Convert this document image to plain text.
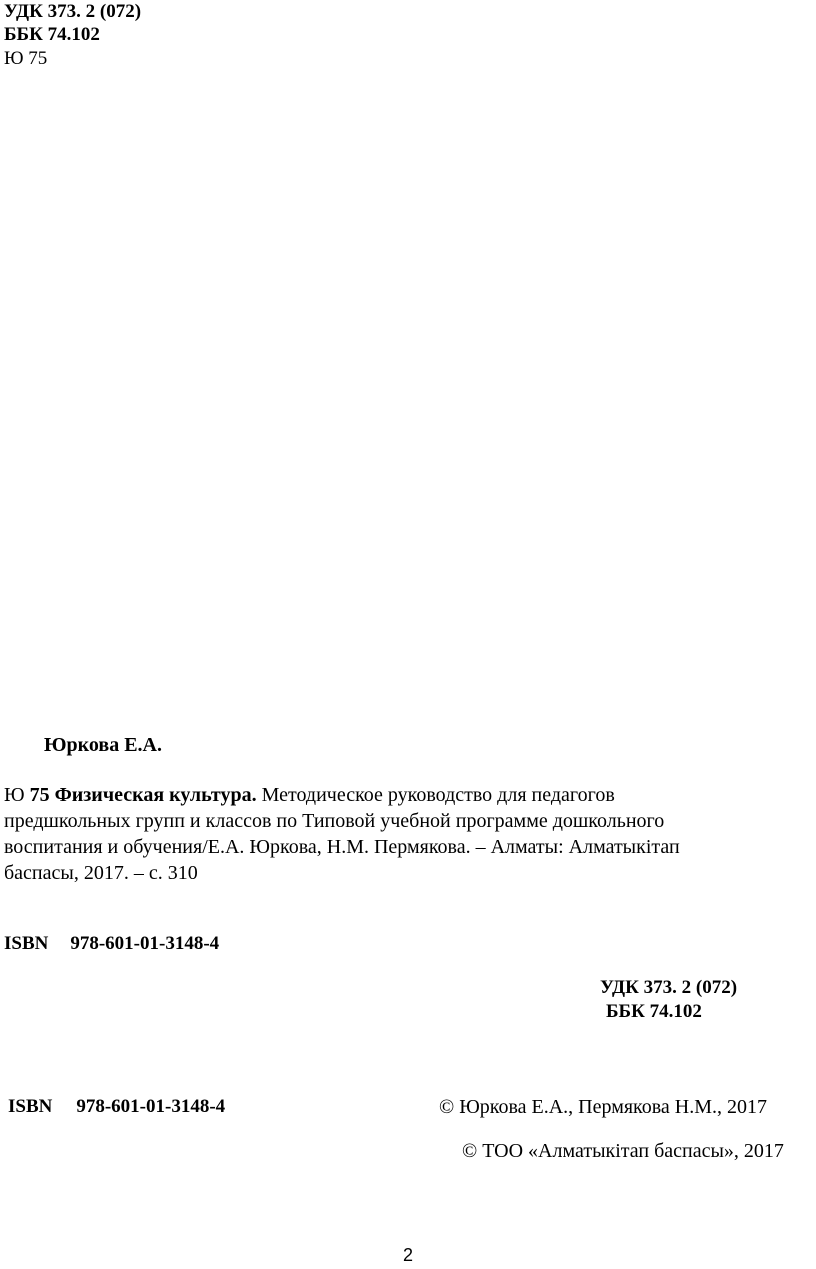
УДК 373. 2 (072)
ББК 74.102
Ю 75
Юркова Е.А.
Ю 75 Физическая культура. Методическое руководство для педагогов
предшкольных групп и классов по Типовой учебной программе дошкольного
воспитания и обучения/Е.А. Юркова, Н.М. Пермякова. – Алматы: Алматыкітап
баспасы, 2017. – с. 310
ISBN 978-601-01-3148-4
УДК 373. 2 (072)
ББК 74.102
ISBN 978-601-01-3148-4	© Юркова Е.А., Пермякова Н.М., 2017
© ТОО «Алматыкітап баспасы», 2017
2
